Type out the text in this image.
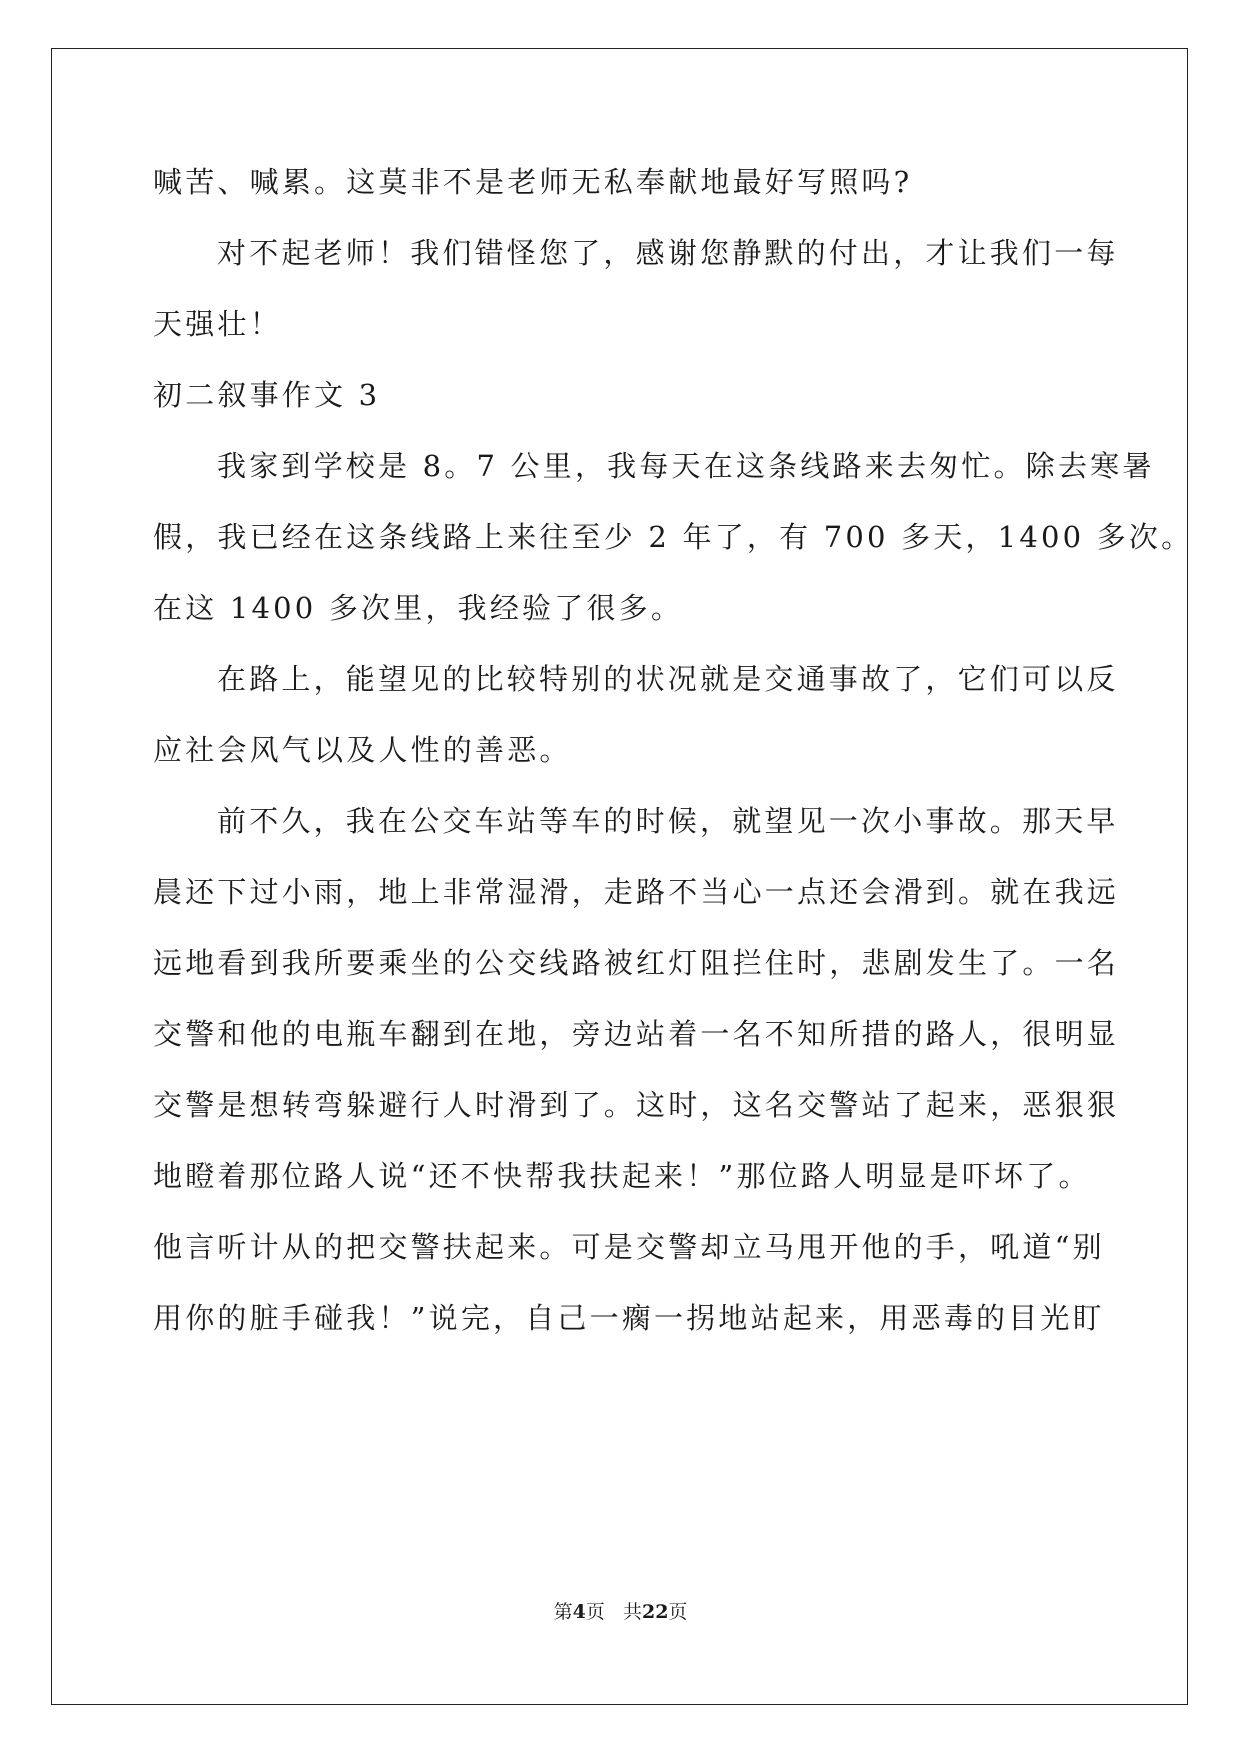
喊苦、喊累。这莫非不是老师无私奉献地最好写照吗?
对不起老师！我们错怪您了，感谢您静默的付出，才让我们一每
天强壮！
初二叙事作文 3
我家到学校是 8。7 公里，我每天在这条线路来去匆忙。除去寒暑
假，我已经在这条线路上来往至少 2 年了，有 700 多天，1400 多次。
在这 1400 多次里，我经验了很多。
在路上，能望见的比较特别的状况就是交通事故了，它们可以反
应社会风气以及人性的善恶。
前不久，我在公交车站等车的时候，就望见一次小事故。那天早
晨还下过小雨，地上非常湿滑，走路不当心一点还会滑到。就在我远
远地看到我所要乘坐的公交线路被红灯阻拦住时，悲剧发生了。一名
交警和他的电瓶车翻到在地，旁边站着一名不知所措的路人，很明显
交警是想转弯躲避行人时滑到了。这时，这名交警站了起来，恶狠狠
地瞪着那位路人说“还不快帮我扶起来！”那位路人明显是吓坏了。
他言听计从的把交警扶起来。可是交警却立马甩开他的手，吼道“别
用你的脏手碰我！”说完，自己一瘸一拐地站起来，用恶毒的目光盯
第4页 共22页
